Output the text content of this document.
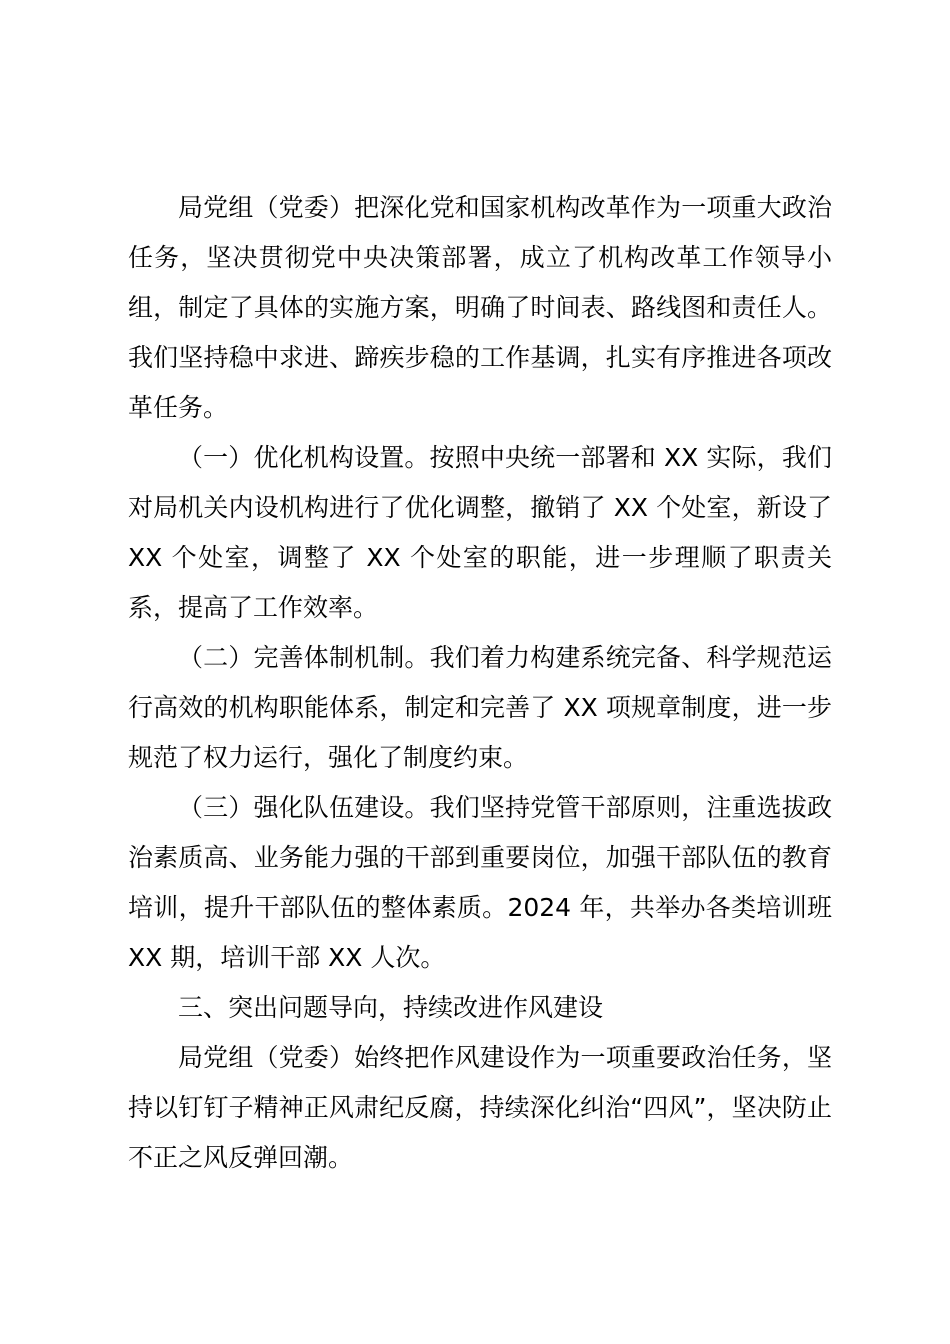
局党组（党委）把深化党和国家机构改革作为一项重大政治任务，坚决贯彻党中央决策部署，成立了机构改革工作领导小组，制定了具体的实施方案，明确了时间表、路线图和责任人。我们坚持稳中求进、蹄疾步稳的工作基调，扎实有序推进各项改革任务。

（一）优化机构设置。按照中央统一部署和 XX 实际，我们对局机关内设机构进行了优化调整，撤销了 XX 个处室，新设了 XX 个处室，调整了 XX 个处室的职能，进一步理顺了职责关系，提高了工作效率。

（二）完善体制机制。我们着力构建系统完备、科学规范运行高效的机构职能体系，制定和完善了 XX 项规章制度，进一步规范了权力运行，强化了制度约束。

（三）强化队伍建设。我们坚持党管干部原则，注重选拔政治素质高、业务能力强的干部到重要岗位，加强干部队伍的教育培训，提升干部队伍的整体素质。2024 年，共举办各类培训班 XX 期，培训干部 XX 人次。

三、突出问题导向，持续改进作风建设

局党组（党委）始终把作风建设作为一项重要政治任务，坚持以钉钉子精神正风肃纪反腐，持续深化纠治“四风”，坚决防止不正之风反弹回潮。
